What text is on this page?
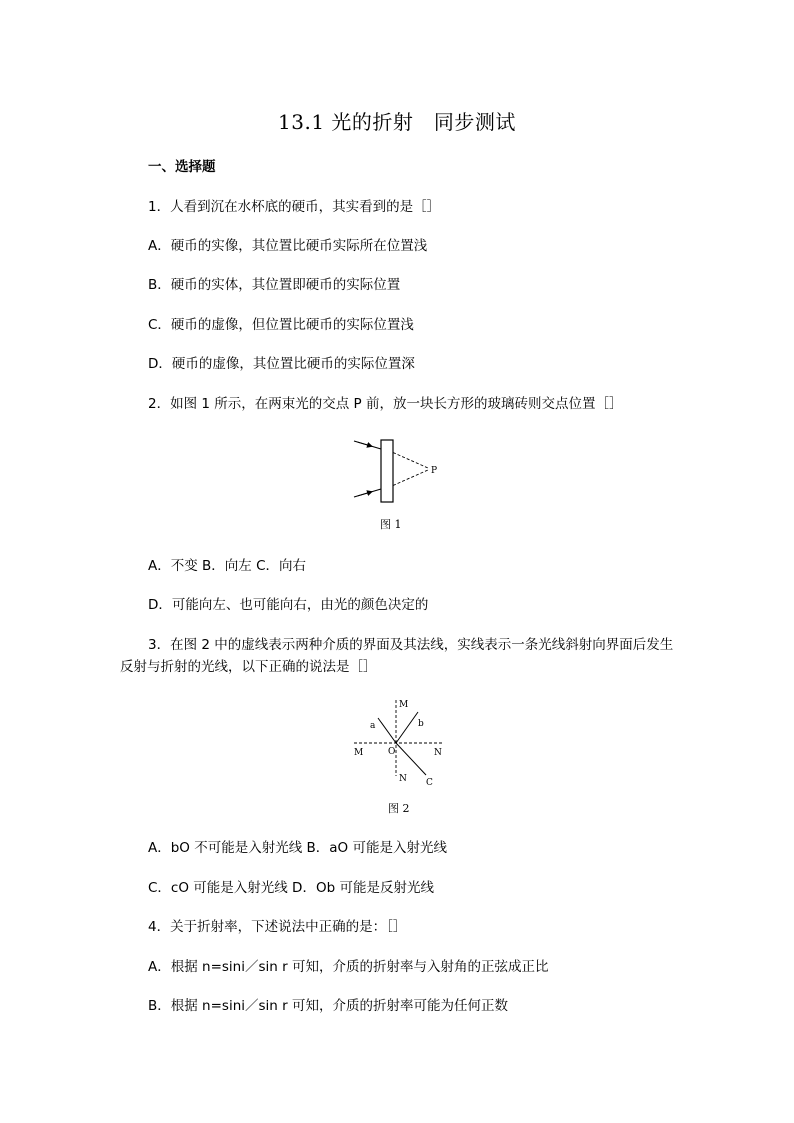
13.1 光的折射　同步测试
一、选择题
1．人看到沉在水杯底的硬币，其实看到的是［］
A．硬币的实像，其位置比硬币实际所在位置浅
B．硬币的实体，其位置即硬币的实际位置
C．硬币的虚像，但位置比硬币的实际位置浅
D．硬币的虚像，其位置比硬币的实际位置深
2．如图 1 所示，在两束光的交点 P 前，放一块长方形的玻璃砖则交点位置［］
P
图 1
A．不变 B．向左 C．向右
D．可能向左、也可能向右，由光的颜色决定的
3．在图 2 中的虚线表示两种介质的界面及其法线，实线表示一条光线斜射向界面后发生反射与折射的光线，以下正确的说法是［］
M
a	b
M	O	N
N C
图 2
A．bO 不可能是入射光线 B．aO 可能是入射光线
C．cO 可能是入射光线 D．Ob 可能是反射光线
4．关于折射率，下述说法中正确的是：［］
A．根据 n=sini／sin r 可知，介质的折射率与入射角的正弦成正比
B．根据 n=sini／sin r 可知，介质的折射率可能为任何正数
